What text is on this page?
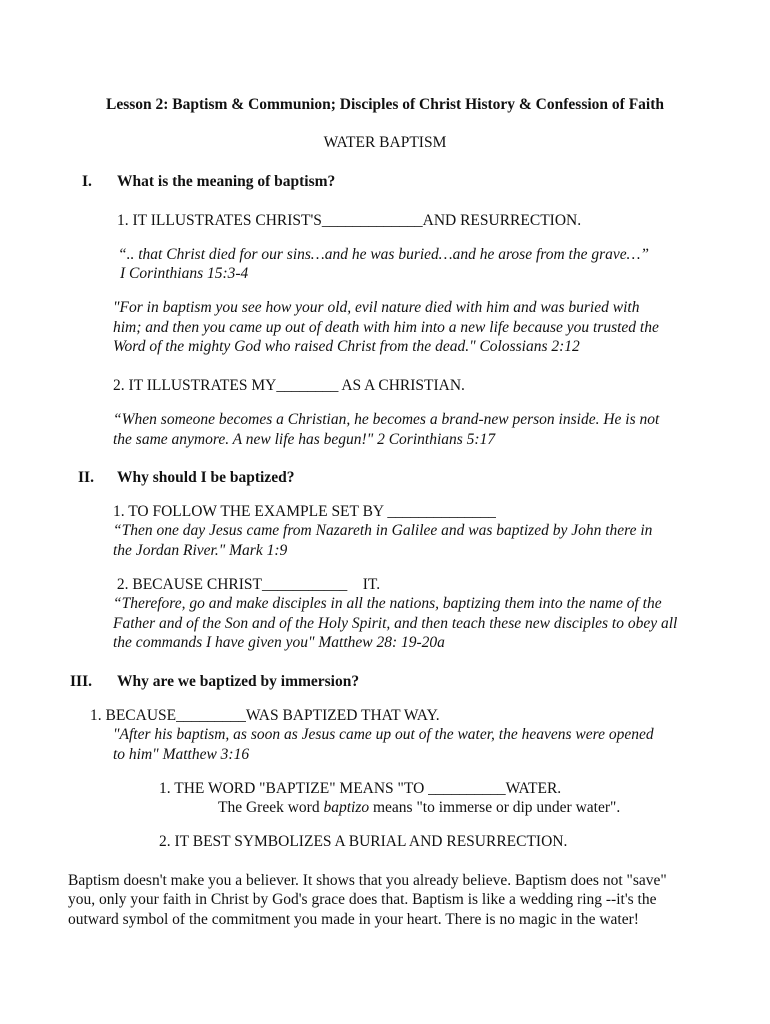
Lesson 2: Baptism & Communion; Disciples of Christ History & Confession of Faith
WATER BAPTISM
I. What is the meaning of baptism?
1. IT ILLUSTRATES CHRIST'S_____________AND RESURRECTION.
“.. that Christ died for our sins…and he was buried…and he arose from the grave…”
I Corinthians 15:3-4
"For in baptism you see how your old, evil nature died with him and was buried with
him; and then you came up out of death with him into a new life because you trusted the
Word of the mighty God who raised Christ from the dead." Colossians 2:12
2. IT ILLUSTRATES MY________ AS A CHRISTIAN.
“When someone becomes a Christian, he becomes a brand-new person inside. He is not
the same anymore. A new life has begun!" 2 Corinthians 5:17
II. Why should I be baptized?
1. TO FOLLOW THE EXAMPLE SET BY ______________
“Then one day Jesus came from Nazareth in Galilee and was baptized by John there in
the Jordan River." Mark 1:9
2. BECAUSE CHRIST___________    IT.
“Therefore, go and make disciples in all the nations, baptizing them into the name of the
Father and of the Son and of the Holy Spirit, and then teach these new disciples to obey all
the commands I have given you" Matthew 28: 19-20a
III. Why are we baptized by immersion?
1. BECAUSE_________WAS BAPTIZED THAT WAY.
"After his baptism, as soon as Jesus came up out of the water, the heavens were opened
to him" Matthew 3:16
1. THE WORD "BAPTIZE" MEANS "TO __________WATER.
The Greek word baptizo means "to immerse or dip under water".
2. IT BEST SYMBOLIZES A BURIAL AND RESURRECTION.
Baptism doesn't make you a believer. It shows that you already believe. Baptism does not "save"
you, only your faith in Christ by God's grace does that. Baptism is like a wedding ring --it's the
outward symbol of the commitment you made in your heart. There is no magic in the water!
